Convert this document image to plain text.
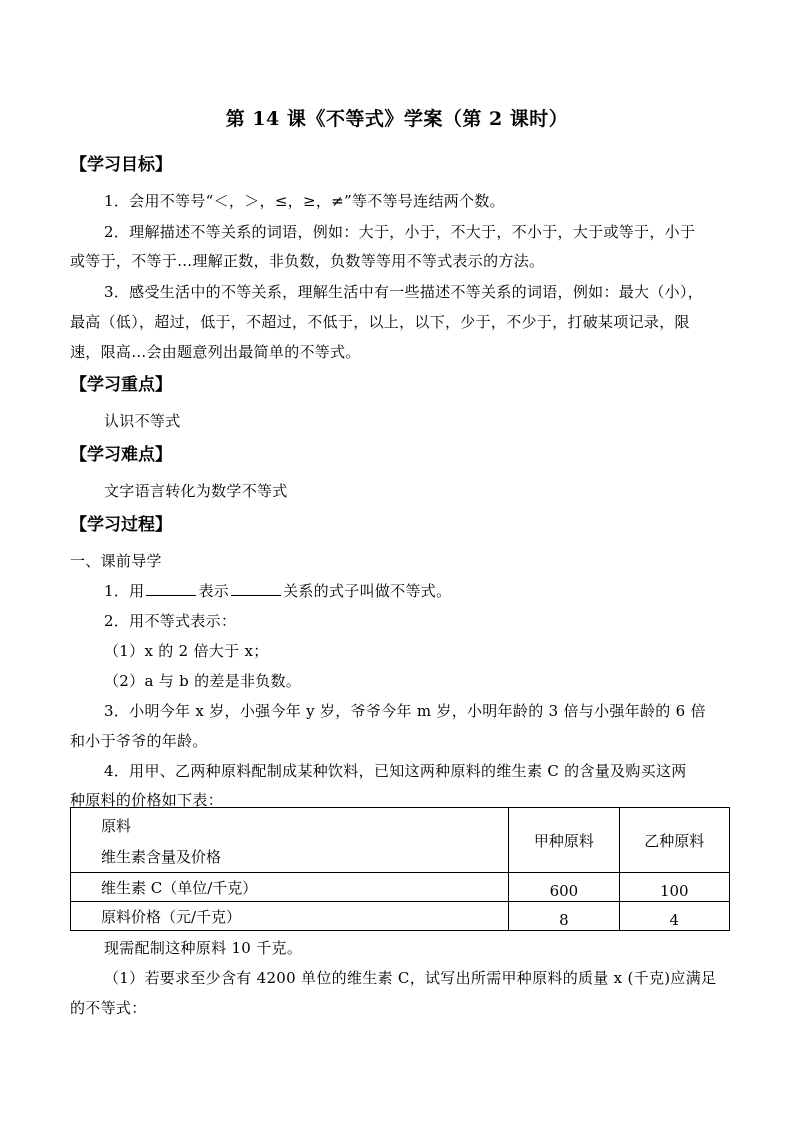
第 14 课《不等式》学案（第 2 课时）
【学习目标】
1．会用不等号“＜，＞，≤，≥，≠”等不等号连结两个数。
2．理解描述不等关系的词语，例如：大于，小于，不大于，不小于，大于或等于，小于
或等于，不等于…理解正数，非负数，负数等等用不等式表示的方法。
3．感受生活中的不等关系，理解生活中有一些描述不等关系的词语，例如：最大（小），
最高（低），超过，低于，不超过，不低于，以上，以下，少于，不少于，打破某项记录，限
速，限高…会由题意列出最简单的不等式。
【学习重点】
认识不等式
【学习难点】
文字语言转化为数学不等式
【学习过程】
一、课前导学
1．用	表示	关系的式子叫做不等式。
2．用不等式表示：
（1）x 的 2 倍大于 x；
（2）a 与 b 的差是非负数。
3．小明今年 x 岁，小强今年 y 岁，爷爷今年 m 岁，小明年龄的 3 倍与小强年龄的 6 倍
和小于爷爷的年龄。
4．用甲、乙两种原料配制成某种饮料，已知这两种原料的维生素 C 的含量及购买这两
种原料的价格如下表：
原料
维生素含量及价格	甲种原料	乙种原料
维生素 C（单位/千克）	600	100
原料价格（元/千克）	8	4
现需配制这种原料 10 千克。
（1）若要求至少含有 4200 单位的维生素 C，试写出所需甲种原料的质量 x (千克)应满足
的不等式：
